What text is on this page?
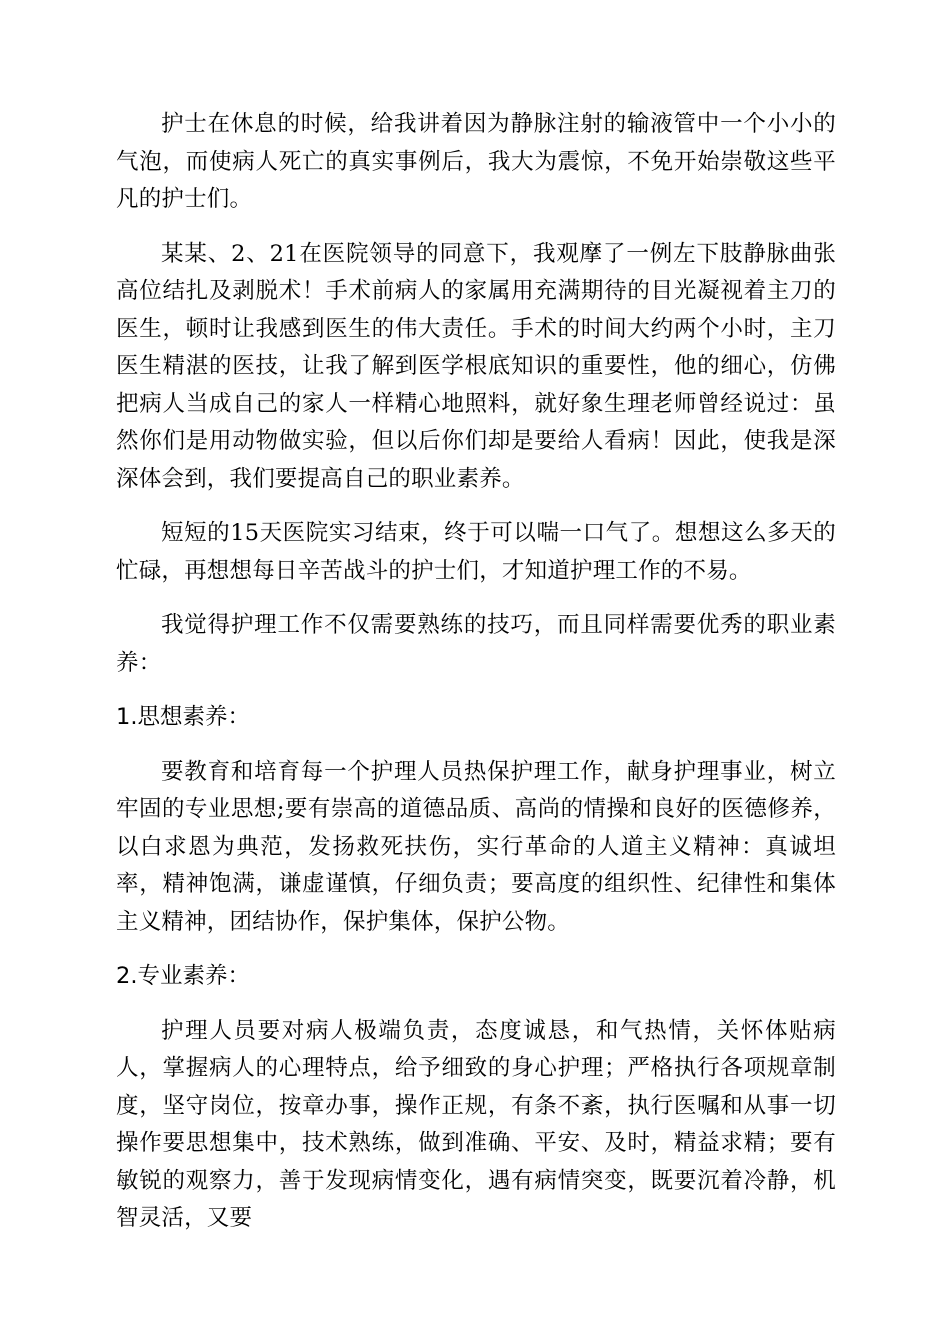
护士在休息的时候，给我讲着因为静脉注射的输液管中一个小小的气泡，而使病人死亡的真实事例后，我大为震惊，不免开始崇敬这些平凡的护士们。

某某、2、21在医院领导的同意下，我观摩了一例左下肢静脉曲张高位结扎及剥脱术！手术前病人的家属用充满期待的目光凝视着主刀的医生，顿时让我感到医生的伟大责任。手术的时间大约两个小时，主刀医生精湛的医技，让我了解到医学根底知识的重要性，他的细心，仿佛把病人当成自己的家人一样精心地照料，就好象生理老师曾经说过：虽然你们是用动物做实验，但以后你们却是要给人看病！因此，使我是深深体会到，我们要提高自己的职业素养。

短短的15天医院实习结束，终于可以喘一口气了。想想这么多天的忙碌，再想想每日辛苦战斗的护士们，才知道护理工作的不易。

我觉得护理工作不仅需要熟练的技巧，而且同样需要优秀的职业素养：

1.思想素养：

要教育和培育每一个护理人员热保护理工作，献身护理事业，树立牢固的专业思想;要有崇高的道德品质、高尚的情操和良好的医德修养，以白求恩为典范，发扬救死扶伤，实行革命的人道主义精神：真诚坦率，精神饱满，谦虚谨慎，仔细负责；要高度的组织性、纪律性和集体主义精神，团结协作，保护集体，保护公物。

2.专业素养：

护理人员要对病人极端负责，态度诚恳，和气热情，关怀体贴病人，掌握病人的心理特点，给予细致的身心护理；严格执行各项规章制度，坚守岗位，按章办事，操作正规，有条不紊，执行医嘱和从事一切操作要思想集中，技术熟练，做到准确、平安、及时，精益求精；要有敏锐的观察力，善于发现病情变化，遇有病情突变，既要沉着冷静，机智灵活，又要
